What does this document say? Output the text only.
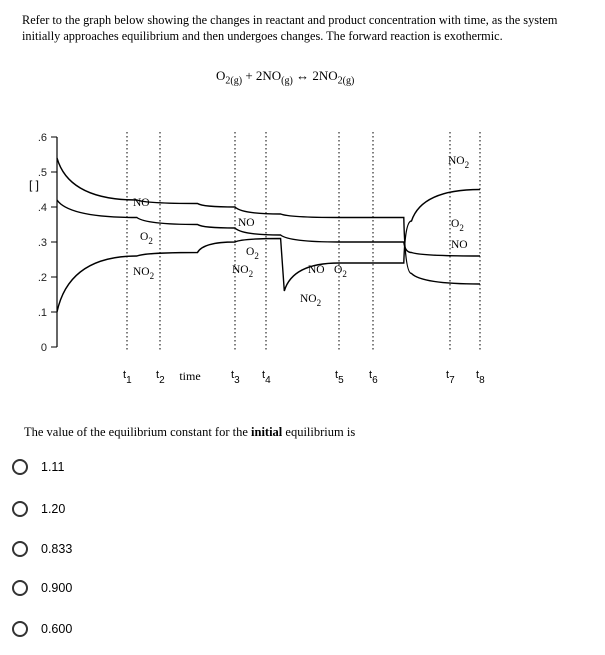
Refer to the graph below showing the changes in reactant and product concentration with time, as the system initially approaches equilibrium and then undergoes changes. The forward reaction is exothermic.
$O_{2(g)} + 2NO_{(g)}$ ↔ $2NO_{2(g)}$
.6
.5
.4
.3
.2
.1
0
[ ]
t1 t2	t3 t4	t5 t6	t7 t8
time
NO
$O_2$
$NO_2$
NO
$O_2$
$NO_2$	NO $O_2$
$NO_2$
$NO_2$
$O_2$
NO
The value of the equilibrium constant for the initial equilibrium is
1.11
1.20
0.833
0.900
0.600
